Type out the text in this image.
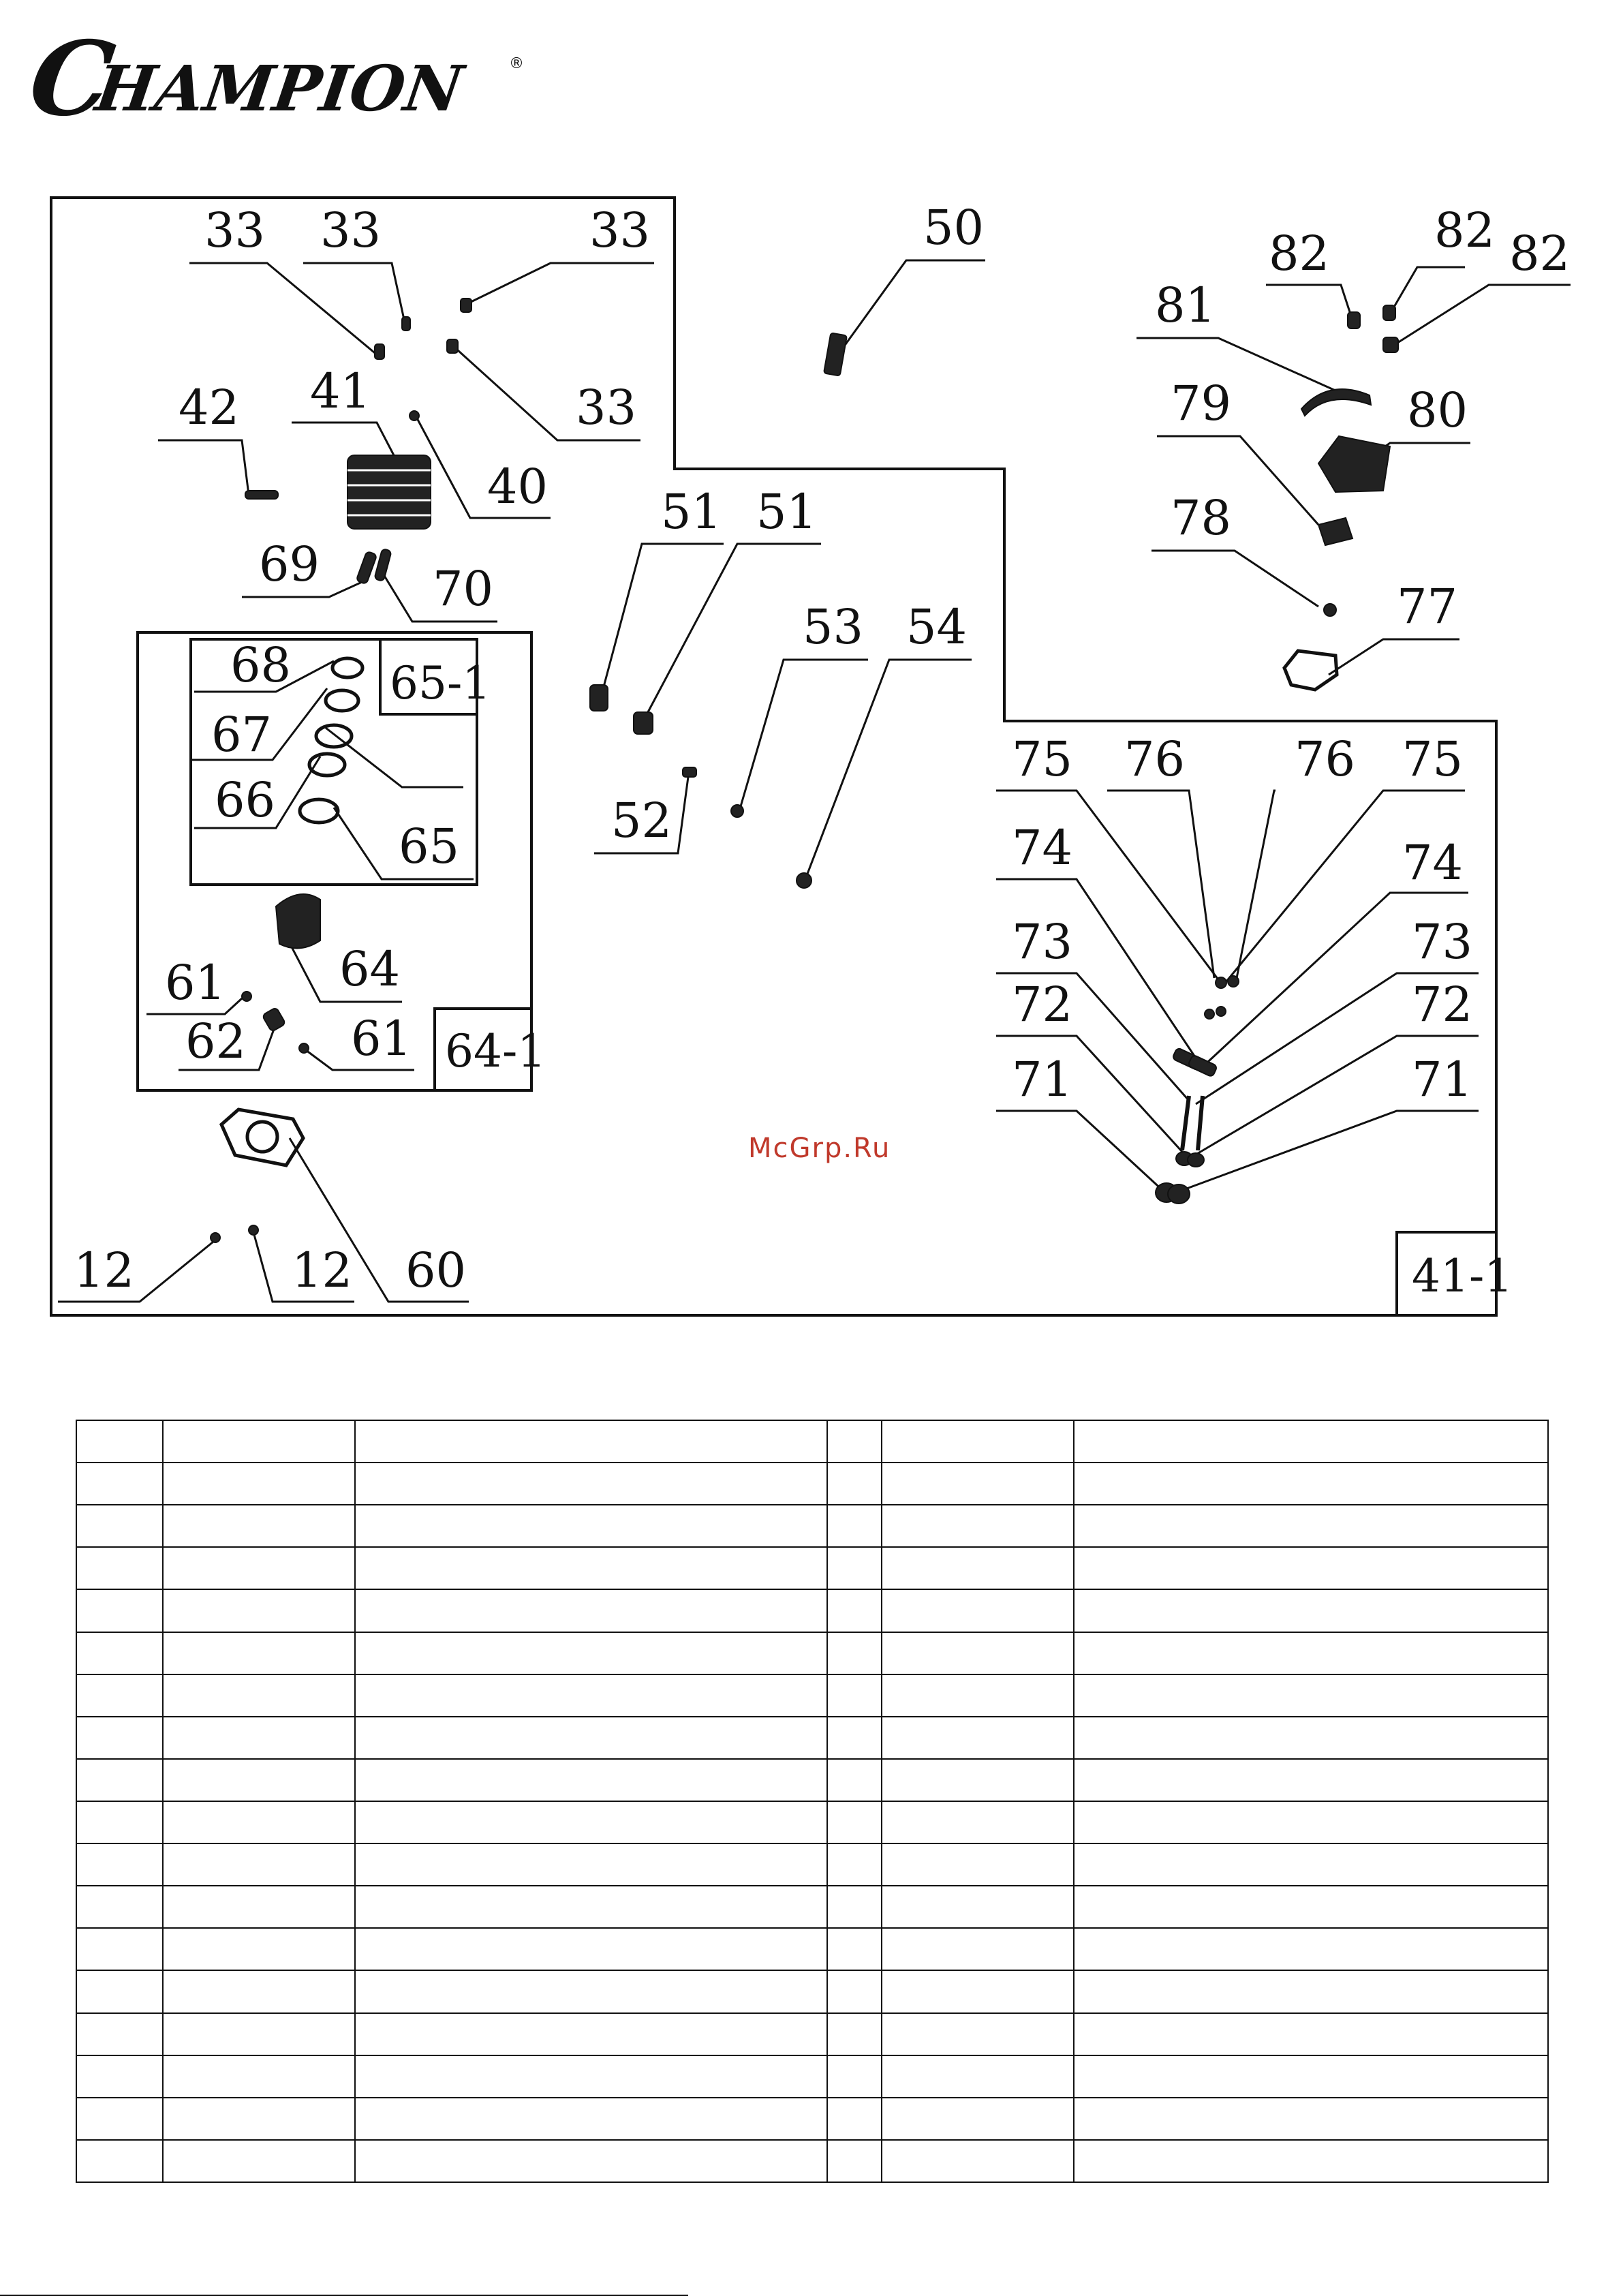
C
HAMPION	®
65-1
64-1
41-1
33 33	33
33
42 41
40
69 70
50
51 51
53 54
52
82 82 82
81
79	80
78
77
68
67
66
65
64
61
62 61
60
12	12
75 76 76 75
74	74
73	73
72	72
71	71
McGrp.Ru
